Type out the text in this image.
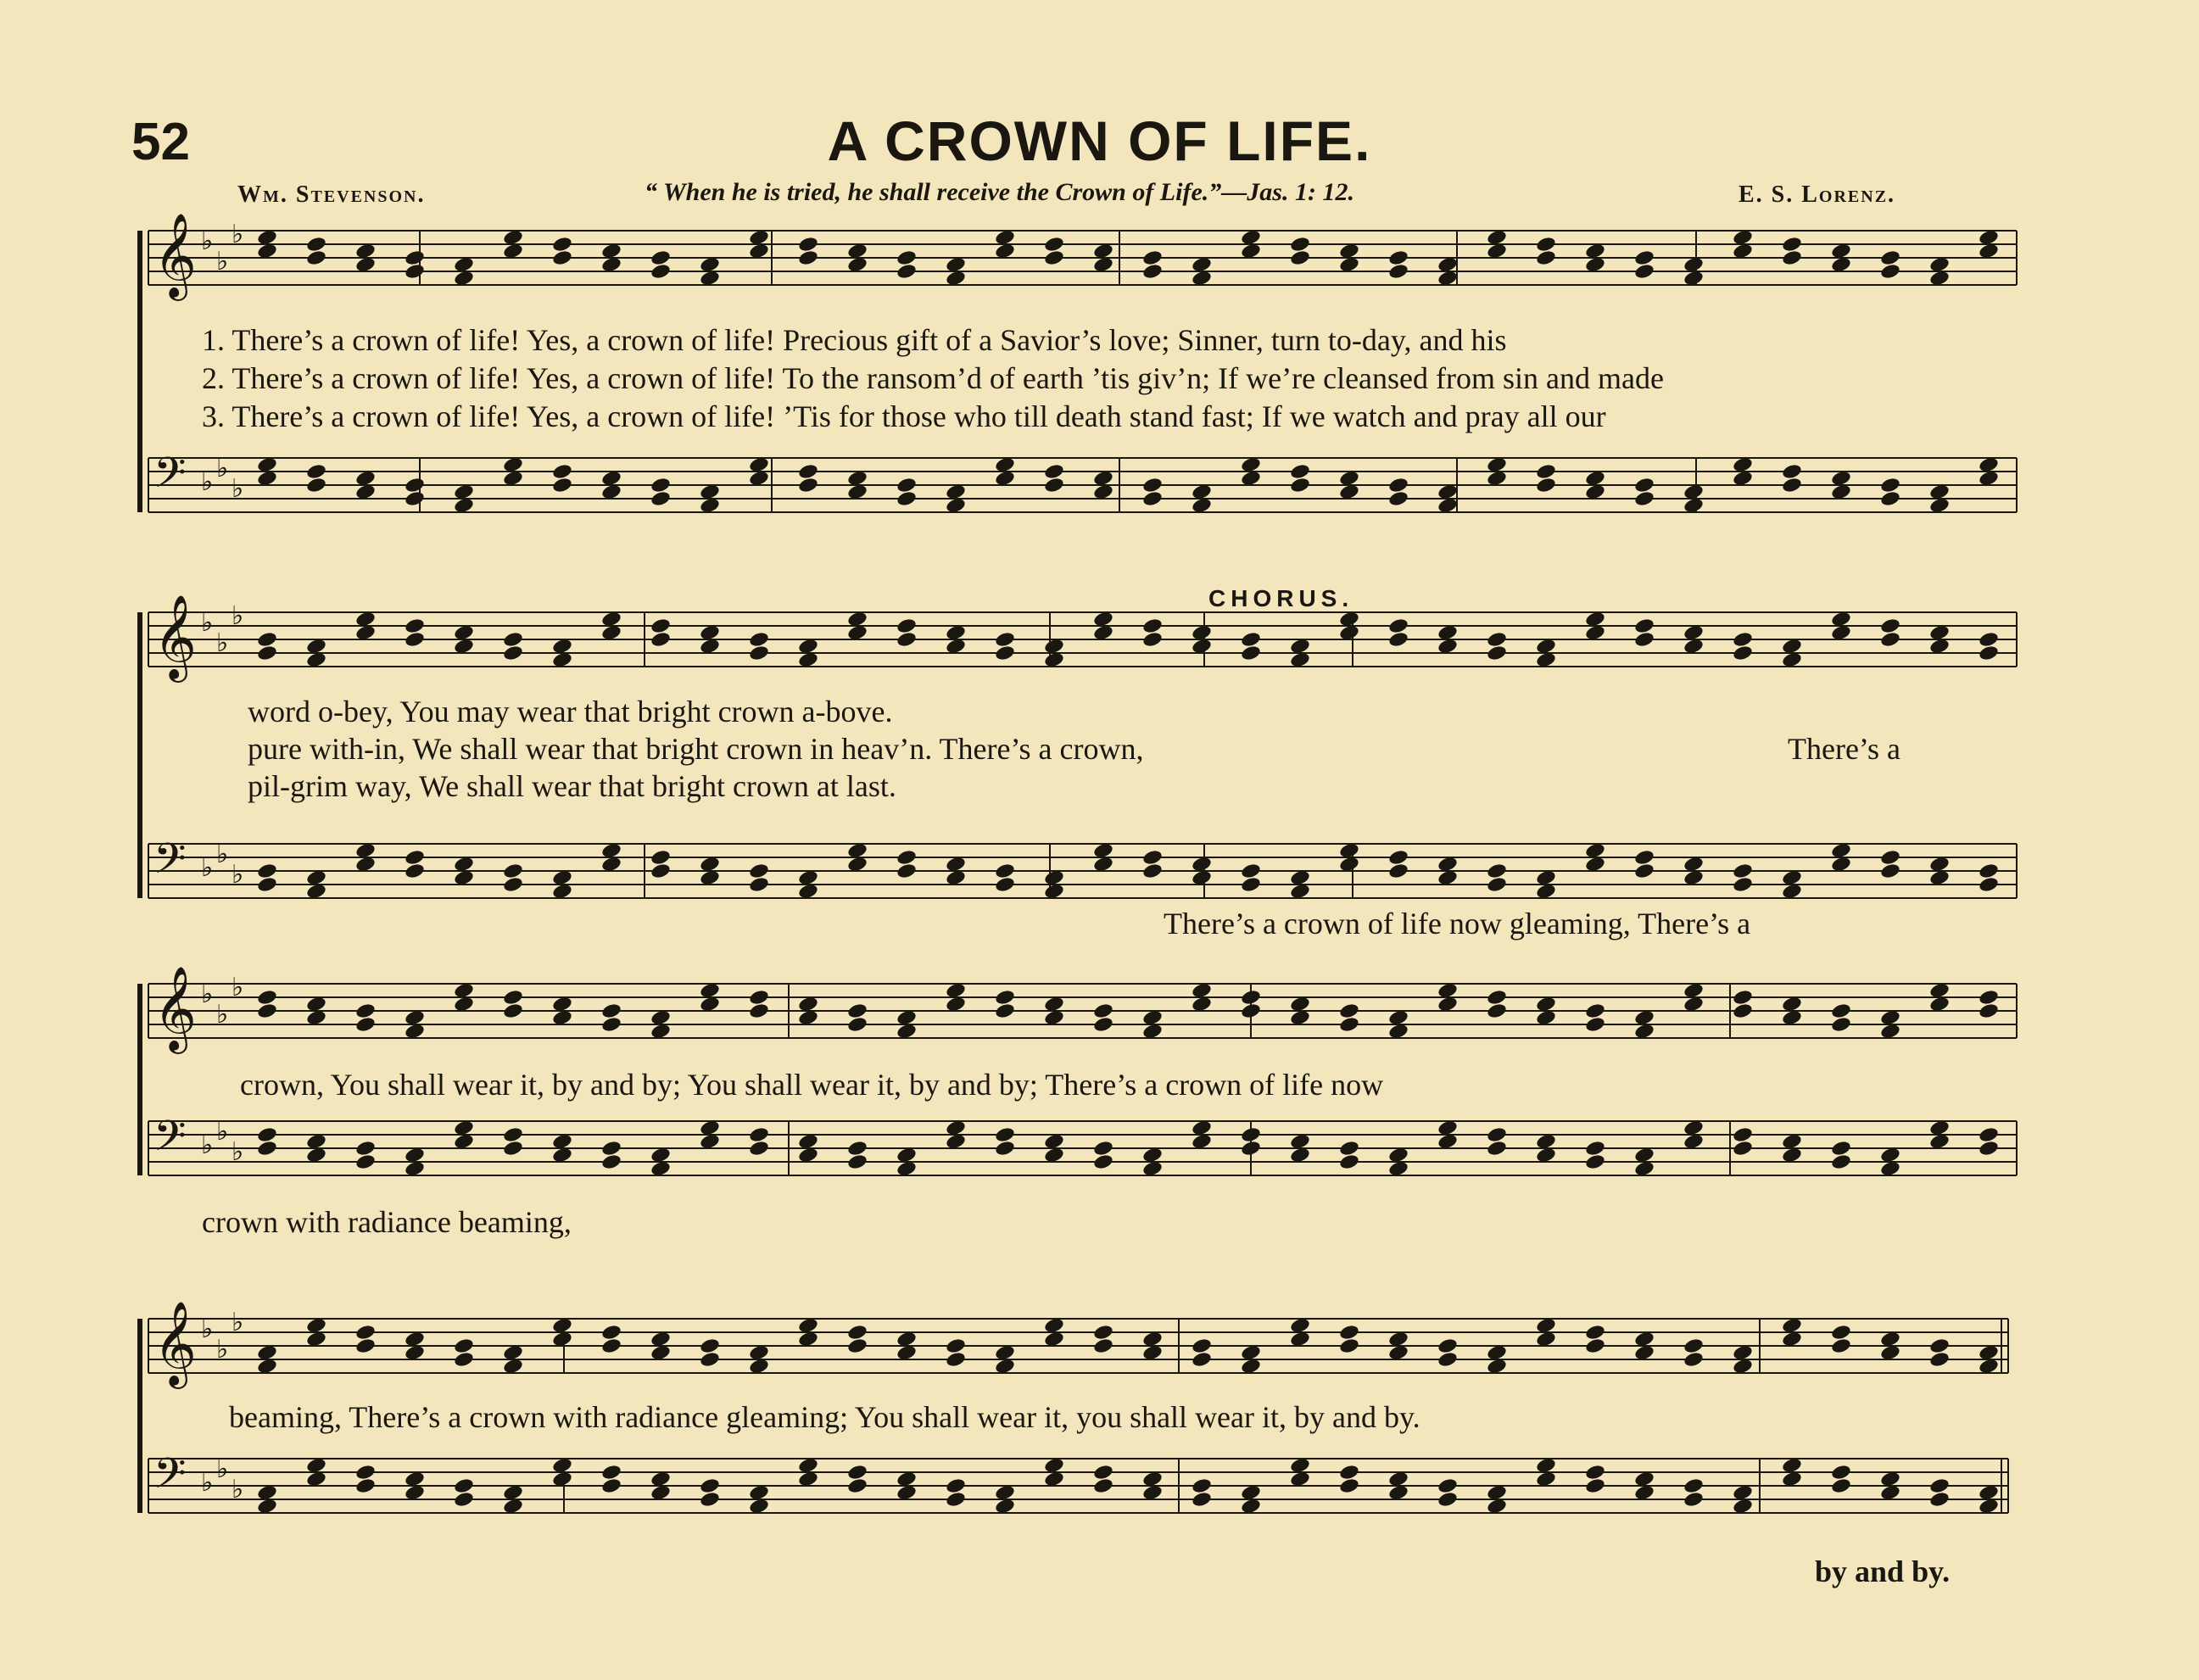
52	A CROWN OF LIFE.
Wm. Stevenson.	“ When he is tried, he shall receive the Crown of Life.”—Jas. 1: 12.	E. S. Lorenz.
𝄞 ♭
♭
♭
𝄢 ♭ ♭
♭
𝄞 ♭
♭
♭
𝄢 ♭ ♭
♭
𝄞 ♭
♭
♭
𝄢 ♭ ♭
♭
𝄞 ♭
♭
♭
𝄢 ♭ ♭
♭
CHORUS.
1. There’s a crown of life! Yes, a crown of life! Precious gift of a Savior’s love; Sinner, turn to-day, and his
2. There’s a crown of life! Yes, a crown of life! To the ransom’d of earth ’tis giv’n; If we’re cleansed from sin and made
3. There’s a crown of life! Yes, a crown of life! ’Tis for those who till death stand fast; If we watch and pray all our
word o-bey, You may wear that bright crown a-bove.
pure with-in, We shall wear that bright crown in heav’n. There’s a crown,
pil-grim way, We shall wear that bright crown at last.
There’s a
There’s a crown of life now gleaming, There’s a
crown, You shall wear it, by and by; You shall wear it, by and by; There’s a crown of life now
crown with radiance beaming,
beaming, There’s a crown with radiance gleaming; You shall wear it, you shall wear it, by and by.
by and by.
